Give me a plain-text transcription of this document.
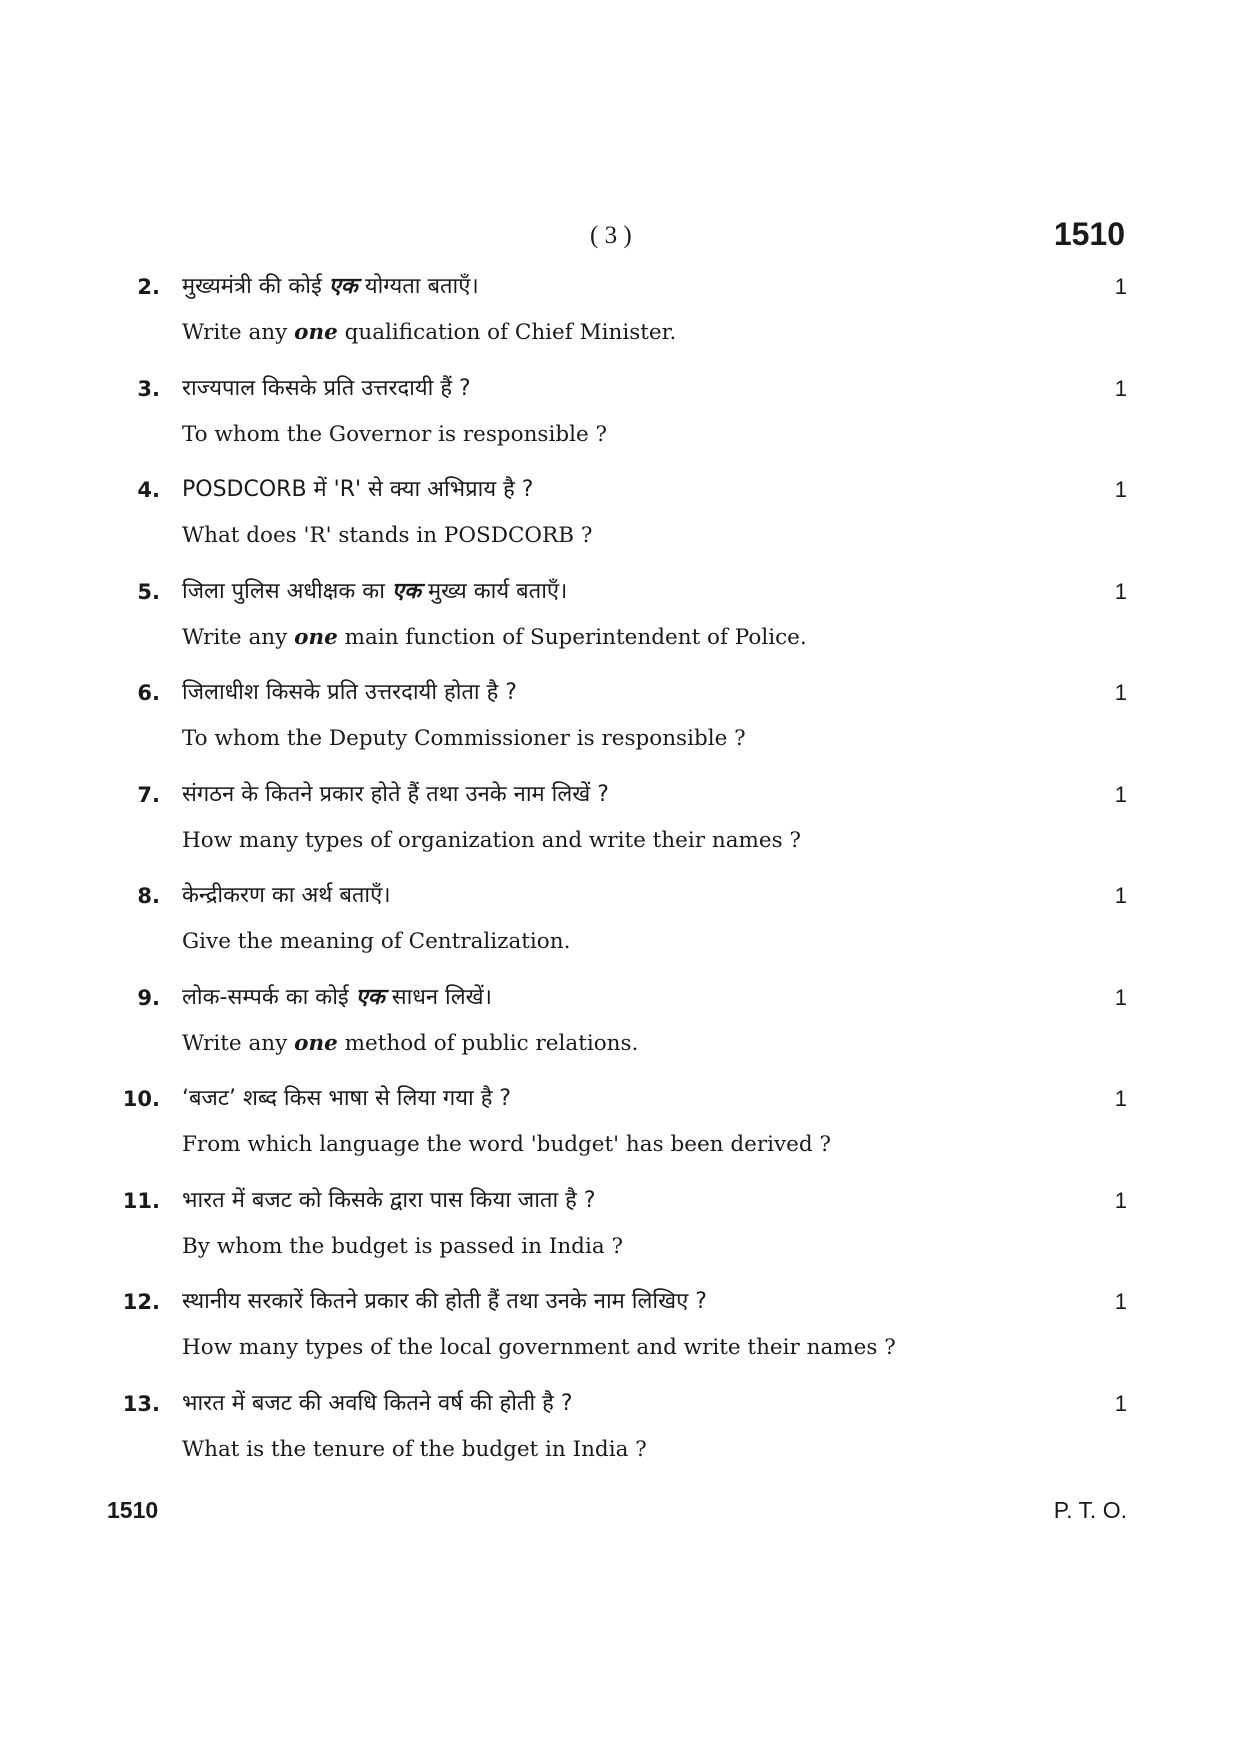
( 3 )	1510
2. मुख्यमंत्री की कोई एक योग्यता बताएँ।
Write any one qualification of Chief Minister.
1
3. राज्यपाल किसके प्रति उत्तरदायी हैं ?
To whom the Governor is responsible ?
1
4. POSDCORB में 'R' से क्या अभिप्राय है ?
What does 'R' stands in POSDCORB ?
1
5. जिला पुलिस अधीक्षक का एक मुख्य कार्य बताएँ।
Write any one main function of Superintendent of Police.
1
6. जिलाधीश किसके प्रति उत्तरदायी होता है ?
To whom the Deputy Commissioner is responsible ?
1
7. संगठन के कितने प्रकार होते हैं तथा उनके नाम लिखें ?
How many types of organization and write their names ?
1
8. केन्द्रीकरण का अर्थ बताएँ।
Give the meaning of Centralization.
1
9. लोक-सम्पर्क का कोई एक साधन लिखें।
Write any one method of public relations.
1
10. ‘बजट’ शब्द किस भाषा से लिया गया है ?
From which language the word 'budget' has been derived ?
1
11. भारत में बजट को किसके द्वारा पास किया जाता है ?
By whom the budget is passed in India ?
1
12. स्थानीय सरकारें कितने प्रकार की होती हैं तथा उनके नाम लिखिए ?
How many types of the local government and write their names ?
1
13. भारत में बजट की अवधि कितने वर्ष की होती है ?
What is the tenure of the budget in India ?
1
1510	P. T. O.
